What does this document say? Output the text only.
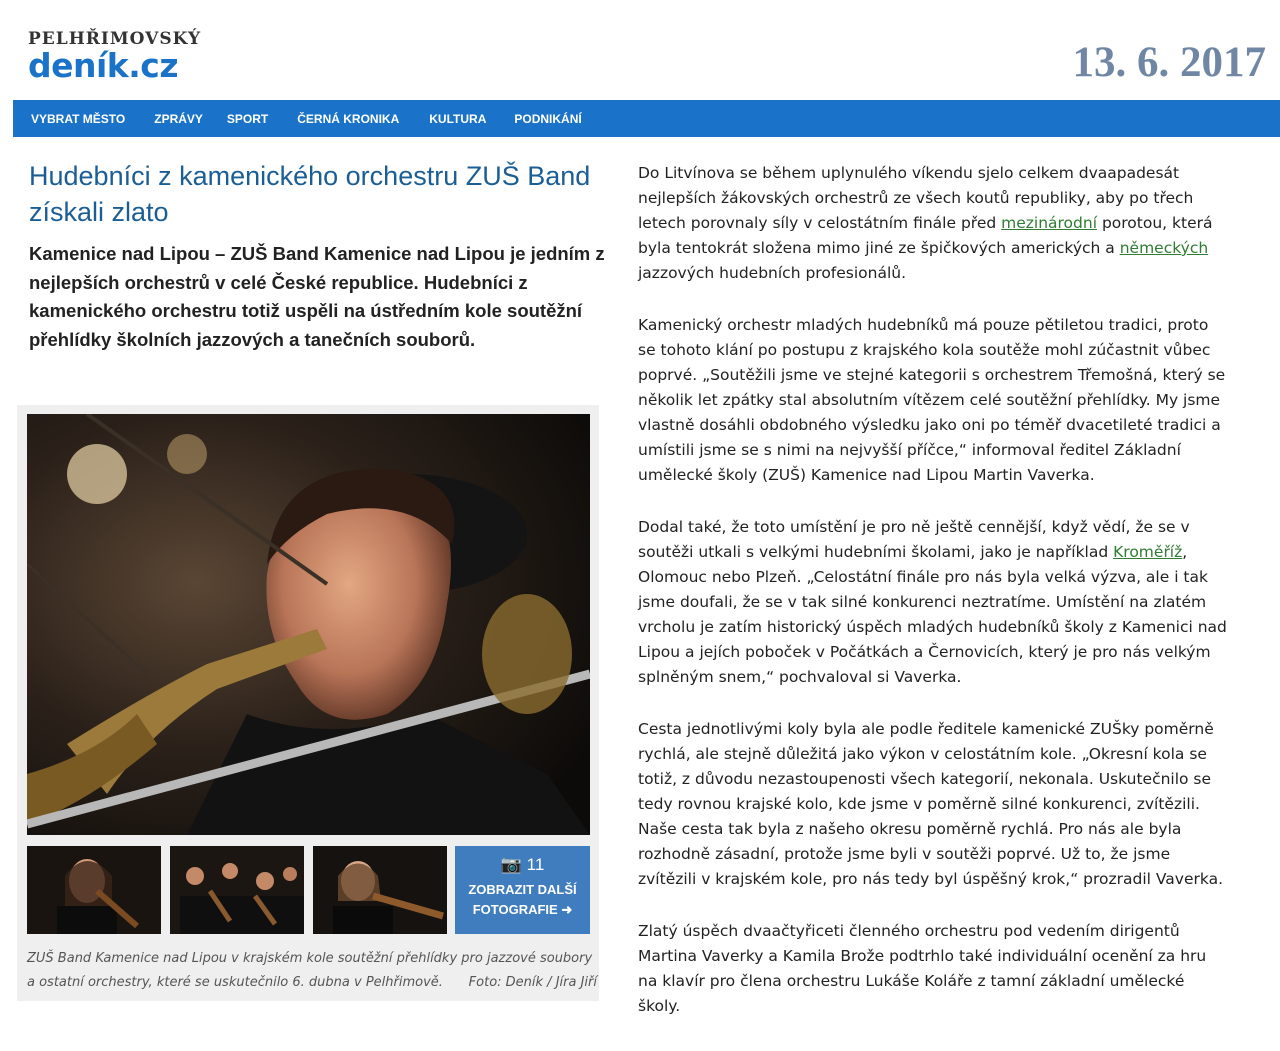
PELHŘIMOVSKÝ
deník.cz	13. 6. 2017
VYBRAT MĚSTO	ZPRÁVY	SPORT	ČERNÁ KRONIKA	KULTURA	PODNIKÁNÍ
Hudebníci z kamenického orchestru ZUŠ Band získali zlato

Kamenice nad Lipou – ZUŠ Band Kamenice nad Lipou je jedním z nejlepších orchestrů v celé České republice. Hudebníci z kamenického orchestru totiž uspěli na ústředním kole soutěžní přehlídky školních jazzových a tanečních souborů.

📷 11
ZOBRAZIT DALŠÍ
FOTOGRAFIE ➜
ZUŠ Band Kamenice nad Lipou v krajském kole soutěžní přehlídky pro jazzové soubory a ostatní orchestry, které se uskutečnilo 6. dubna v Pelhřimově. Foto: Deník / Jíra Jiří

Do Litvínova se během uplynulého víkendu sjelo celkem dvaapadesát nejlepších žákovských orchestrů ze všech koutů republiky, aby po třech letech porovnaly síly v celostátním finále před mezinárodní porotou, která byla tentokrát složena mimo jiné ze špičkových amerických a německých jazzových hudebních profesionálů.

Kamenický orchestr mladých hudebníků má pouze pětiletou tradici, proto se tohoto klání po postupu z krajského kola soutěže mohl zúčastnit vůbec poprvé. „Soutěžili jsme ve stejné kategorii s orchestrem Třemošná, který se několik let zpátky stal absolutním vítězem celé soutěžní přehlídky. My jsme vlastně dosáhli obdobného výsledku jako oni po téměř dvacetileté tradici a umístili jsme se s nimi na nejvyšší příčce,“ informoval ředitel Základní umělecké školy (ZUŠ) Kamenice nad Lipou Martin Vaverka.

Dodal také, že toto umístění je pro ně ještě cennější, když vědí, že se v soutěži utkali s velkými hudebními školami, jako je například Kroměříž, Olomouc nebo Plzeň. „Celostátní finále pro nás byla velká výzva, ale i tak jsme doufali, že se v tak silné konkurenci neztratíme. Umístění na zlatém vrcholu je zatím historický úspěch mladých hudebníků školy z Kamenici nad Lipou a jejích poboček v Počátkách a Černovicích, který je pro nás velkým splněným snem,“ pochvaloval si Vaverka.

Cesta jednotlivými koly byla ale podle ředitele kamenické ZUŠky poměrně rychlá, ale stejně důležitá jako výkon v celostátním kole. „Okresní kola se totiž, z důvodu nezastoupenosti všech kategorií, nekonala. Uskutečnilo se tedy rovnou krajské kolo, kde jsme v poměrně silné konkurenci, zvítězili. Naše cesta tak byla z našeho okresu poměrně rychlá. Pro nás ale byla rozhodně zásadní, protože jsme byli v soutěži poprvé. Už to, že jsme zvítězili v krajském kole, pro nás tedy byl úspěšný krok,“ prozradil Vaverka.

Zlatý úspěch dvaačtyřiceti členného orchestru pod vedením dirigentů Martina Vaverky a Kamila Brože podtrhlo také individuální ocenění za hru na klavír pro člena orchestru Lukáše Koláře z tamní základní umělecké školy.
